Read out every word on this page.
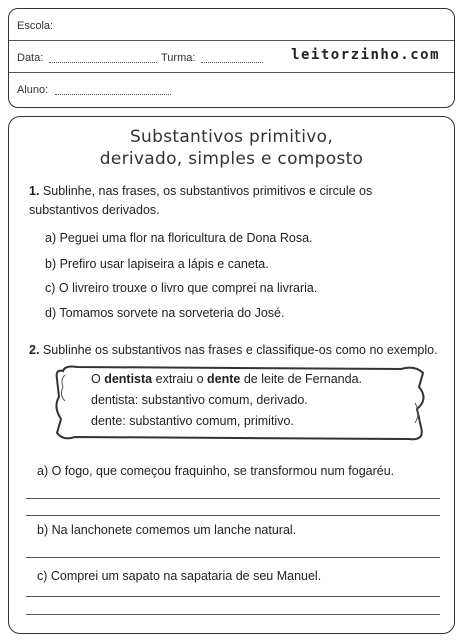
Escola:
Data:	Turma:	leitorzinho.com
Aluno:
Substantivos primitivo,
derivado, simples e composto
1. Sublinhe, nas frases, os substantivos primitivos e circule os
substantivos derivados.
a) Peguei uma flor na floricultura de Dona Rosa.
b) Prefiro usar lapiseira a lápis e caneta.
c) O livreiro trouxe o livro que comprei na livraria.
d) Tomamos sorvete na sorveteria do José.
2. Sublinhe os substantivos nas frases e classifique-os como no exemplo.
O dentista extraiu o dente de leite de Fernanda.
dentista: substantivo comum, derivado.
dente: substantivo comum, primitivo.
a) O fogo, que começou fraquinho, se transformou num fogaréu.
b) Na lanchonete comemos um lanche natural.
c) Comprei um sapato na sapataria de seu Manuel.
